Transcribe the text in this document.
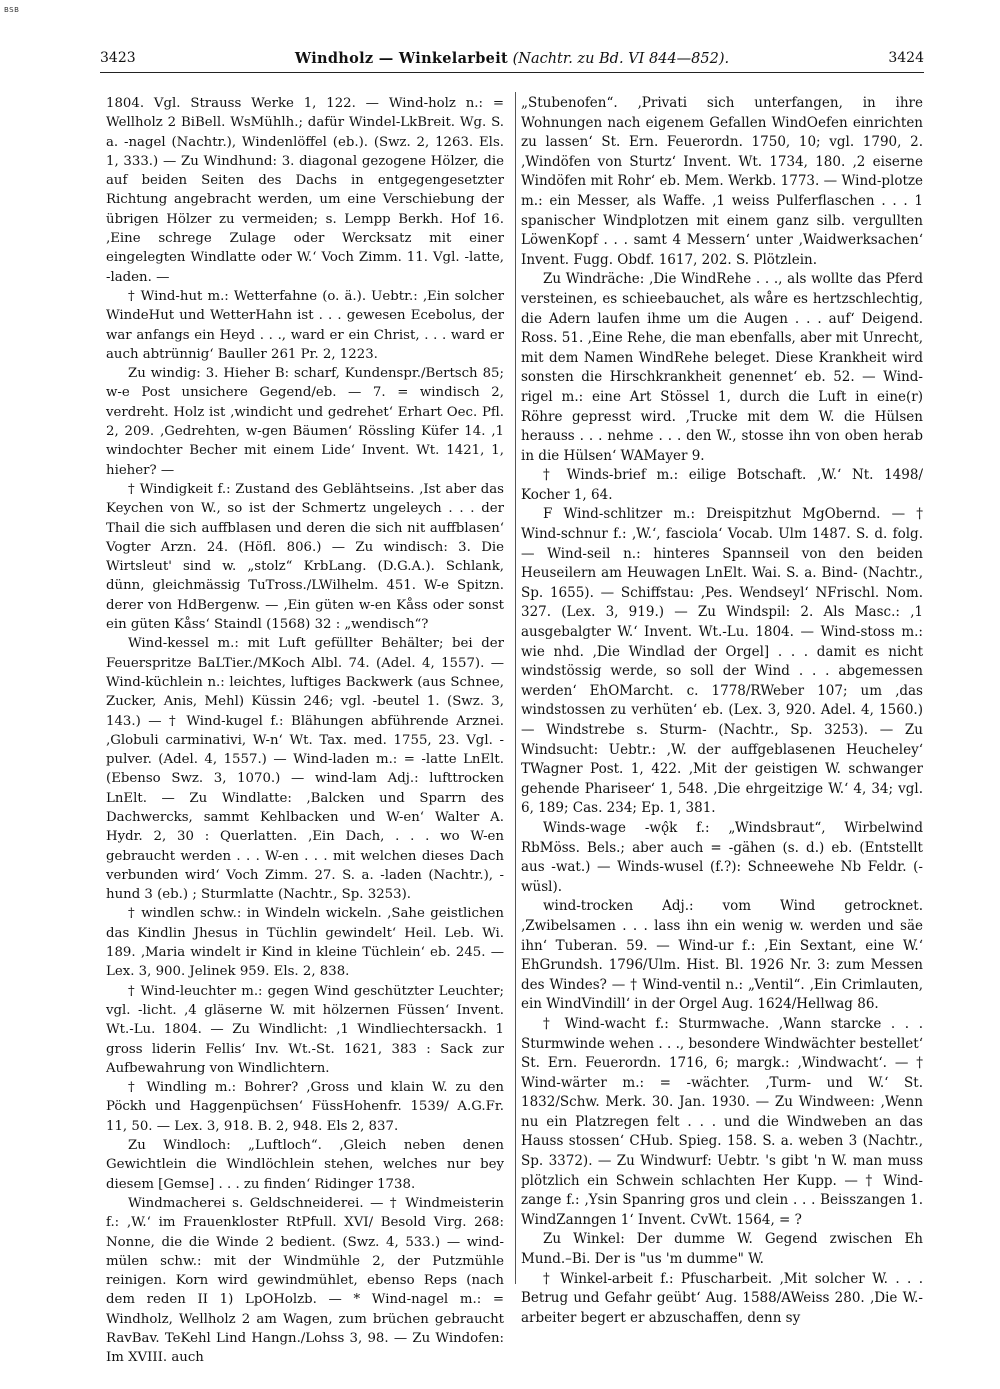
BSB
3423	Windholz — Winkelarbeit (Nachtr. zu Bd. VI 844—852).	3424

1804. Vgl. Strauss Werke 1, 122. — Wind-holz n.: = Wellholz 2 BiBell. WsMühlh.; dafür Windel-LkBreit. Wg. S. a. -nagel (Nachtr.), Windenlöffel (eb.). (Swz. 2, 1263. Els. 1, 333.) — Zu Windhund: 3. diagonal gezogene Hölzer, die auf beiden Seiten des Dachs in entgegengesetzter Richtung angebracht werden, um eine Verschiebung der übrigen Hölzer zu vermeiden; s. Lempp Berkh. Hof 16. ‚Eine schrege Zulage oder Wercksatz mit einer eingelegten Windlatte oder W.‘ Voch Zimm. 11. Vgl. -latte, -laden. —

† Wind-hut m.: Wetterfahne (o. ä.). Uebtr.: ‚Ein solcher WindeHut und WetterHahn ist . . . gewesen Ecebolus, der war anfangs ein Heyd . . ., ward er ein Christ, . . . ward er auch abtrünnig‘ Bauller 261 Pr. 2, 1223.

Zu windig: 3. Hieher B: scharf, Kundenspr./Bertsch 85; w-e Post unsichere Gegend/eb. — 7. = windisch 2, verdreht. Holz ist ‚windicht und gedrehet‘ Erhart Oec. Pfl. 2, 209. ‚Gedrehten, w-gen Bäumen‘ Rössling Küfer 14. ‚1 windochter Becher mit einem Lide‘ Invent. Wt. 1421, 1, hieher? —

† Windigkeit f.: Zustand des Geblähtseins. ‚Ist aber das Keychen von W., so ist der Schmertz ungeleych . . . der Thail die sich auffblasen und deren die sich nit auffblasen‘ Vogter Arzn. 24. (Höfl. 806.) — Zu windisch: 3. Die Wirtsleut' sind w. „stolz“ KrbLang. (D.G.A.). Schlank, dünn, gleichmässig TuTross./LWilhelm. 451. W-e Spitzn. derer von HdBergenw. — ‚Ein güten w-en Kåss oder sonst ein güten Kåss‘ Staindl (1568) 32 : „wendisch“?

Wind-kessel m.: mit Luft gefüllter Behälter; bei der Feuerspritze BaLTier./MKoch Albl. 74. (Adel. 4, 1557). — Wind-küchlein n.: leichtes, luftiges Backwerk (aus Schnee, Zucker, Anis, Mehl) Küssin 246; vgl. -beutel 1. (Swz. 3, 143.) — † Wind-kugel f.: Blähungen abführende Arznei. ‚Globuli carminativi, W-n‘ Wt. Tax. med. 1755, 23. Vgl. -pulver. (Adel. 4, 1557.) — Wind-laden m.: = -latte LnElt. (Ebenso Swz. 3, 1070.) — wind-lam Adj.: lufttrocken LnElt. — Zu Windlatte: ‚Balcken und Sparrn des Dachwercks, sammt Kehlbacken und W-en‘ Walter A. Hydr. 2, 30 : Querlatten. ‚Ein Dach, . . . wo W-en gebraucht werden . . . W-en . . . mit welchen dieses Dach verbunden wird‘ Voch Zimm. 27. S. a. -laden (Nachtr.), -hund 3 (eb.) ; Sturmlatte (Nachtr., Sp. 3253).

† windlen schw.: in Windeln wickeln. ‚Sahe geistlichen das Kindlin Jhesus in Tüchlin gewindelt‘ Heil. Leb. Wi. 189. ‚Maria windelt ir Kind in kleine Tüchlein‘ eb. 245. — Lex. 3, 900. Jelinek 959. Els. 2, 838.

† Wind-leuchter m.: gegen Wind geschützter Leuchter; vgl. -licht. ‚4 gläserne W. mit hölzernen Füssen‘ Invent. Wt.-Lu. 1804. — Zu Windlicht: ‚1 Windliechtersackh. 1 gross liderin Fellis‘ Inv. Wt.-St. 1621, 383 : Sack zur Aufbewahrung von Windlichtern.

† Windling m.: Bohrer? ‚Gross und klain W. zu den Pöckh und Haggenpüchsen‘ FüssHohenfr. 1539/ A.G.Fr. 11, 50. — Lex. 3, 918. B. 2, 948. Els 2, 837.

Zu Windloch: „Luftloch“. ‚Gleich neben denen Gewichtlein die Windlöchlein stehen, welches nur bey diesem [Gemse] . . . zu finden‘ Ridinger 1738.

Windmacherei s. Geldschneiderei. — † Windmeisterin f.: ‚W.‘ im Frauenkloster RtPfull. XVI/ Besold Virg. 268: Nonne, die die Winde 2 bedient. (Swz. 4, 533.) — wind-mülen schw.: mit der Windmühle 2, der Putzmühle reinigen. Korn wird gewindmühlet, ebenso Reps (nach dem reden II 1) LpOHolzb. — * Wind-nagel m.: = Windholz, Wellholz 2 am Wagen, zum brüchen gebraucht RavBav. TeKehl Lind Hangn./Lohss 3, 98. — Zu Windofen: Im XVIII. auch

„Stubenofen“. ‚Privati sich unterfangen, in ihre Wohnungen nach eigenem Gefallen WindOefen einrichten zu lassen‘ St. Ern. Feuerordn. 1750, 10; vgl. 1790, 2. ‚Windöfen von Sturtz‘ Invent. Wt. 1734, 180. ‚2 eiserne Windöfen mit Rohr‘ eb. Mem. Werkb. 1773. — Wind-plotze m.: ein Messer, als Waffe. ‚1 weiss Pulferflaschen . . . 1 spanischer Windplotzen mit einem ganz silb. vergullten LöwenKopf . . . samt 4 Messern‘ unter ‚Waidwerksachen‘ Invent. Fugg. Obdf. 1617, 202. S. Plötzlein.

Zu Windräche: ‚Die WindRehe . . ., als wollte das Pferd versteinen, es schieebauchet, als wåre es hertzschlechtig, die Adern laufen ihme um die Augen . . . auf‘ Deigend. Ross. 51. ‚Eine Rehe, die man ebenfalls, aber mit Unrecht, mit dem Namen WindRehe beleget. Diese Krankheit wird sonsten die Hirschkrankheit genennet‘ eb. 52. — Wind-rigel m.: eine Art Stössel 1, durch die Luft in eine(r) Röhre gepresst wird. ‚Trucke mit dem W. die Hülsen herauss . . . nehme . . . den W., stosse ihn von oben herab in die Hülsen‘ WAMayer 9.

† Winds-brief m.: eilige Botschaft. ‚W.‘ Nt. 1498/ Kocher 1, 64.

F Wind-schlitzer m.: Dreispitzhut MgObernd. — † Wind-schnur f.: ‚W.‘, fasciola‘ Vocab. Ulm 1487. S. d. folg. — Wind-seil n.: hinteres Spannseil von den beiden Heuseilern am Heuwagen LnElt. Wai. S. a. Bind- (Nachtr., Sp. 1655). — Schiffstau: ‚Pes. Wendseyl‘ NFrischl. Nom. 327. (Lex. 3, 919.) — Zu Windspil: 2. Als Masc.: ‚1 ausgebalgter W.‘ Invent. Wt.-Lu. 1804. — Wind-stoss m.: wie nhd. ‚Die Windlad der Orgel] . . . damit es nicht windstössig werde, so soll der Wind . . . abgemessen werden‘ EhOMarcht. c. 1778/RWeber 107; um ‚das windstossen zu verhüten‘ eb. (Lex. 3, 920. Adel. 4, 1560.) — Windstrebe s. Sturm- (Nachtr., Sp. 3253). — Zu Windsucht: Uebtr.: ‚W. der auffgeblasenen Heucheley‘ TWagner Post. 1, 422. ‚Mit der geistigen W. schwanger gehende Phariseer‘ 1, 548. ‚Die ehrgeitzige W.‘ 4, 34; vgl. 6, 189; Cas. 234; Ep. 1, 381.

Winds-wage -wǫ̂k f.: „Windsbraut“, Wirbelwind RbMöss. Bels.; aber auch = -gähen (s. d.) eb. (Entstellt aus -wat.) — Winds-wusel (f.?): Schneewehe Nb Feldr. (-wüsl).

wind-trocken Adj.: vom Wind getrocknet. ‚Zwibelsamen . . . lass ihn ein wenig w. werden und säe ihn‘ Tuberan. 59. — Wind-ur f.: ‚Ein Sextant, eine W.‘ EhGrundsh. 1796/Ulm. Hist. Bl. 1926 Nr. 3: zum Messen des Windes? — † Wind-ventil n.: „Ventil“. ‚Ein Crimlauten, ein WindVindill‘ in der Orgel Aug. 1624/Hellwag 86.

† Wind-wacht f.: Sturmwache. ‚Wann starcke . . . Sturmwinde wehen . . ., besondere Windwächter bestellet‘ St. Ern. Feuerordn. 1716, 6; margk.: ‚Windwacht‘. — † Wind-wärter m.: = -wächter. ‚Turm- und W.‘ St. 1832/Schw. Merk. 30. Jan. 1930. — Zu Windween: ‚Wenn nu ein Platzregen felt . . . und die Windweben an das Hauss stossen‘ CHub. Spieg. 158. S. a. weben 3 (Nachtr., Sp. 3372). — Zu Windwurf: Uebtr. 's gibt 'n W. man muss plötzlich ein Schwein schlachten Her Kupp. — † Wind-zange f.: ‚Ysin Spanring gros und clein . . . Beisszangen 1. WindZanngen 1‘ Invent. CvWt. 1564, = ?

Zu Winkel: Der dumme W. Gegend zwischen Eh Mund.–Bi. Der is "us 'm dumme" W.

† Winkel-arbeit f.: Pfuscharbeit. ‚Mit solcher W. . . . Betrug und Gefahr geübt‘ Aug. 1588/AWeiss 280. ‚Die W.-arbeiter begert er abzuschaffen, denn sy
